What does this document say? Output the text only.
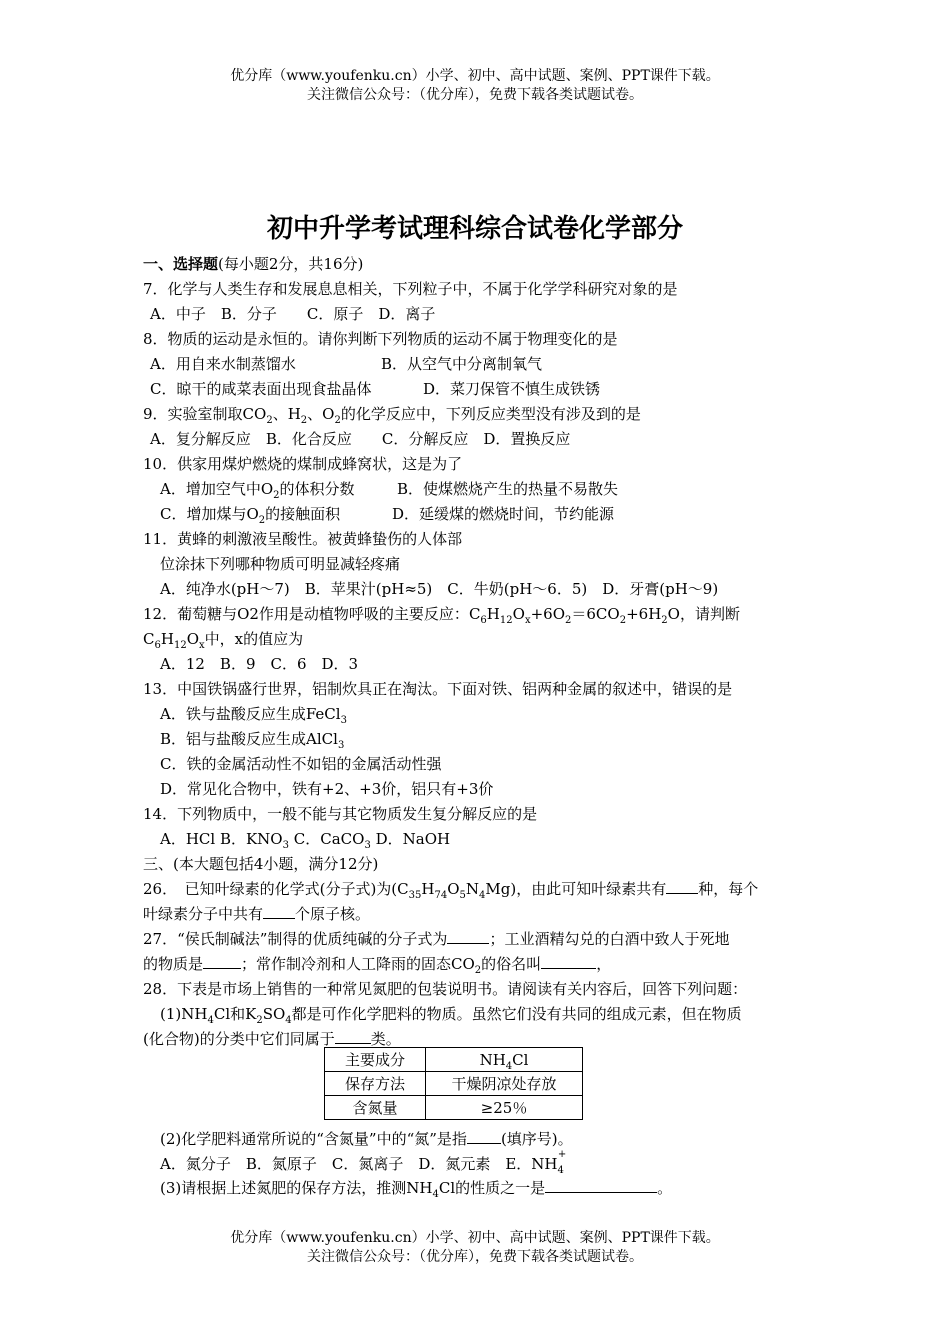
优分库（www.youfenku.cn）小学、初中、高中试题、案例、PPT课件下载。
关注微信公众号：（优分库），免费下载各类试题试卷。
初中升学考试理科综合试卷化学部分
一、选择题(每小题2分，共16分)
7．化学与人类生存和发展息息相关，下列粒子中，不属于化学学科研究对象的是
A．中子　B．分子　　C．原子　D．离子
8．物质的运动是永恒的。请你判断下列物质的运动不属于物理变化的是
A．用自来水制蒸馏水	B．从空气中分离制氧气
C．晾干的咸菜表面出现食盐晶体	D．菜刀保管不慎生成铁锈
9．实验室制取$CO_2$、$H_2$、$O_2$的化学反应中，下列反应类型没有涉及到的是
A．复分解反应　B．化合反应　　C．分解反应　D．置换反应
10．供家用煤炉燃烧的煤制成蜂窝状，这是为了
A．增加空气中$O_2$的体积分数	B．使煤燃烧产生的热量不易散失
C．增加煤与$O_2$的接触面积	D．延缓煤的燃烧时间，节约能源
11．黄蜂的刺激液呈酸性。被黄蜂蛰伤的人体部
位涂抹下列哪种物质可明显减轻疼痛
A．纯净水(pH～7)　B．苹果汁(pH≈5)　C．牛奶(pH～6．5)　D．牙膏(pH～9)
12．葡萄糖与O2作用是动植物呼吸的主要反应：$C_6H_{12}O_x+6O_2=6CO_2+6H_2O$，请判断
$C_6H_{12}O_x$中，x的值应为
A．12　B．9　C．6　D．3
13．中国铁锅盛行世界，铝制炊具正在淘汰。下面对铁、铝两种金属的叙述中，错误的是
A．铁与盐酸反应生成FeCl$_3$
B．铝与盐酸反应生成AlCl$_3$
C．铁的金属活动性不如铝的金属活动性强
D．常见化合物中，铁有+2、+3价，铝只有+3价
14．下列物质中，一般不能与其它物质发生复分解反应的是
A．HCl B．$KNO_3$ C．CaCO$_3$ D．NaOH
三、(本大题包括4小题，满分12分)
26．　已知叶绿素的化学式(分子式)为$(C_{35}H_{74}O_5N_4Mg)$，由此可知叶绿素共有 种，每个
叶绿素分子中共有 个原子核。
27．“侯氏制碱法”制得的优质纯碱的分子式为	；工业酒精勾兑的白酒中致人于死地
的物质是	；常作制冷剂和人工降雨的固态$CO_2$的俗名叫	，
28．下表是市场上销售的一种常见氮肥的包装说明书。请阅读有关内容后，回答下列问题：
$(1)NH_4Cl$和$K_2SO_4$都是可作化学肥料的物质。虽然它们没有共同的组成元素，但在物质
(化合物)的分类中它们同属于 类。
主要成分	$NH_4Cl$
保存方法	干燥阴凉处存放
含氮量	≥25％
(2)化学肥料通常所说的“含氮量”中的“氮”是指 (填序号)。
A．氮分子　B．氮原子　C．氮离子　D．氮元素　E．$NH_4^+$
(3)请根据上述氮肥的保存方法，推测$NH_4Cl$的性质之一是	。
优分库（www.youfenku.cn）小学、初中、高中试题、案例、PPT课件下载。
关注微信公众号：（优分库），免费下载各类试题试卷。
